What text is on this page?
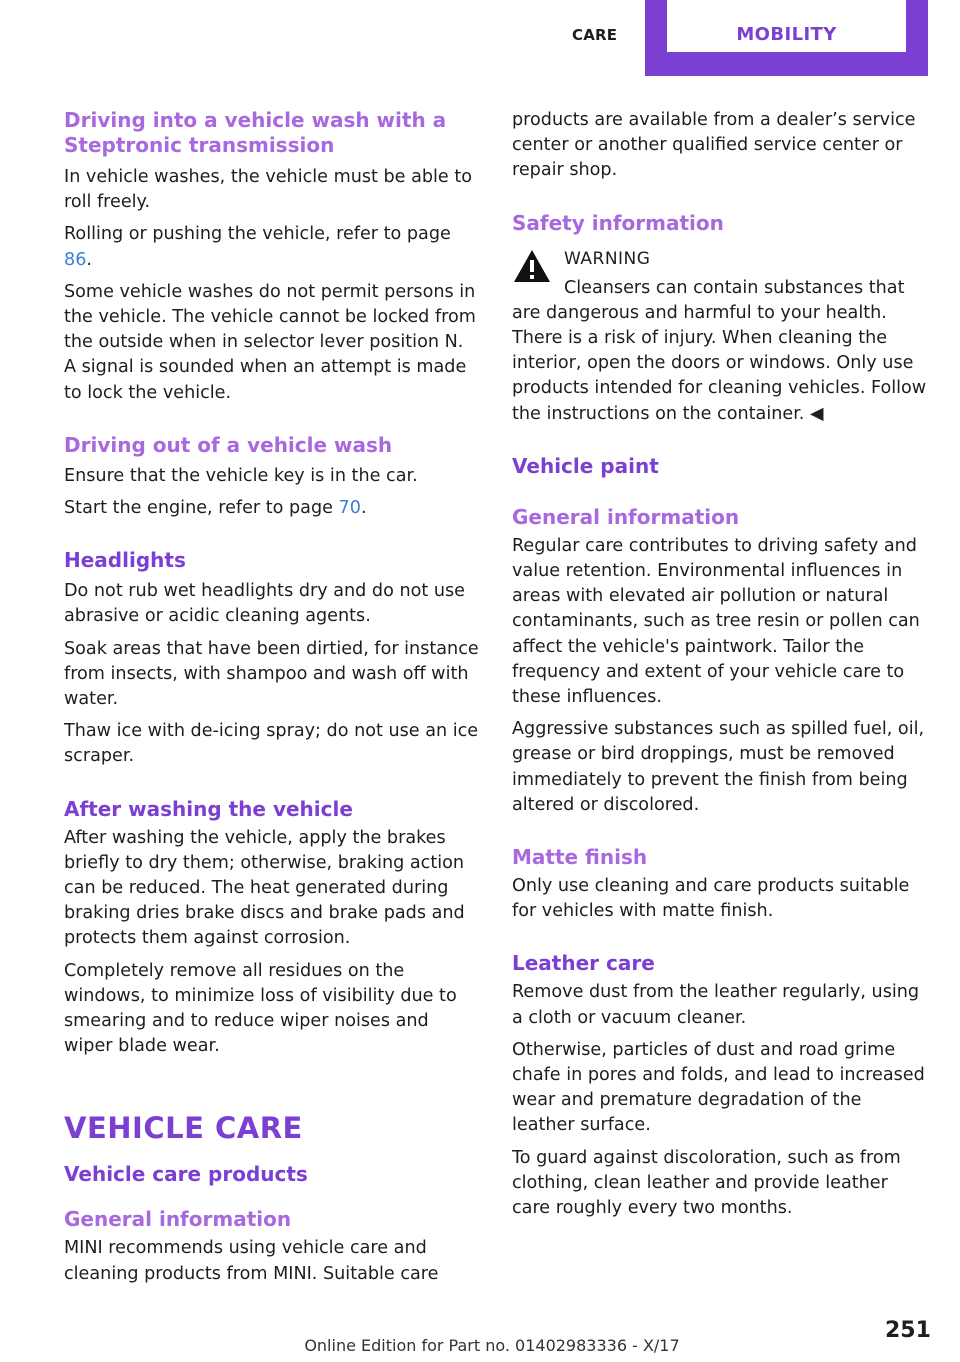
CARE	MOBILITY
Driving into a vehicle wash with a Steptronic transmission

In vehicle washes, the vehicle must be able to roll freely.

Rolling or pushing the vehicle, refer to page 86.

Some vehicle washes do not permit persons in the vehicle. The vehicle cannot be locked from the outside when in selector lever position N. A signal is sounded when an attempt is made to lock the vehicle.

Driving out of a vehicle wash

Ensure that the vehicle key is in the car.

Start the engine, refer to page 70.

Headlights

Do not rub wet headlights dry and do not use abrasive or acidic cleaning agents.

Soak areas that have been dirtied, for instance from insects, with shampoo and wash off with water.

Thaw ice with de-icing spray; do not use an ice scraper.

After washing the vehicle

After washing the vehicle, apply the brakes briefly to dry them; otherwise, braking action can be reduced. The heat generated during braking dries brake discs and brake pads and protects them against corrosion.

Completely remove all residues on the windows, to minimize loss of visibility due to smearing and to reduce wiper noises and wiper blade wear.

VEHICLE CARE
Vehicle care products
General information

MINI recommends using vehicle care and cleaning products from MINI. Suitable care

products are available from a dealer’s service center or another qualified service center or repair shop.

Safety information
WARNING

Cleansers can contain substances that are dangerous and harmful to your health. There is a risk of injury. When cleaning the interior, open the doors or windows. Only use products intended for cleaning vehicles. Follow the instructions on the container. ◀

Vehicle paint
General information

Regular care contributes to driving safety and value retention. Environmental influences in areas with elevated air pollution or natural contaminants, such as tree resin or pollen can affect the vehicle's paintwork. Tailor the frequency and extent of your vehicle care to these influences.

Aggressive substances such as spilled fuel, oil, grease or bird droppings, must be removed immediately to prevent the finish from being altered or discolored.

Matte finish

Only use cleaning and care products suitable for vehicles with matte finish.

Leather care

Remove dust from the leather regularly, using a cloth or vacuum cleaner.

Otherwise, particles of dust and road grime chafe in pores and folds, and lead to increased wear and premature degradation of the leather surface.

To guard against discoloration, such as from clothing, clean leather and provide leather care roughly every two months.

251
Online Edition for Part no. 01402983336 - X/17
